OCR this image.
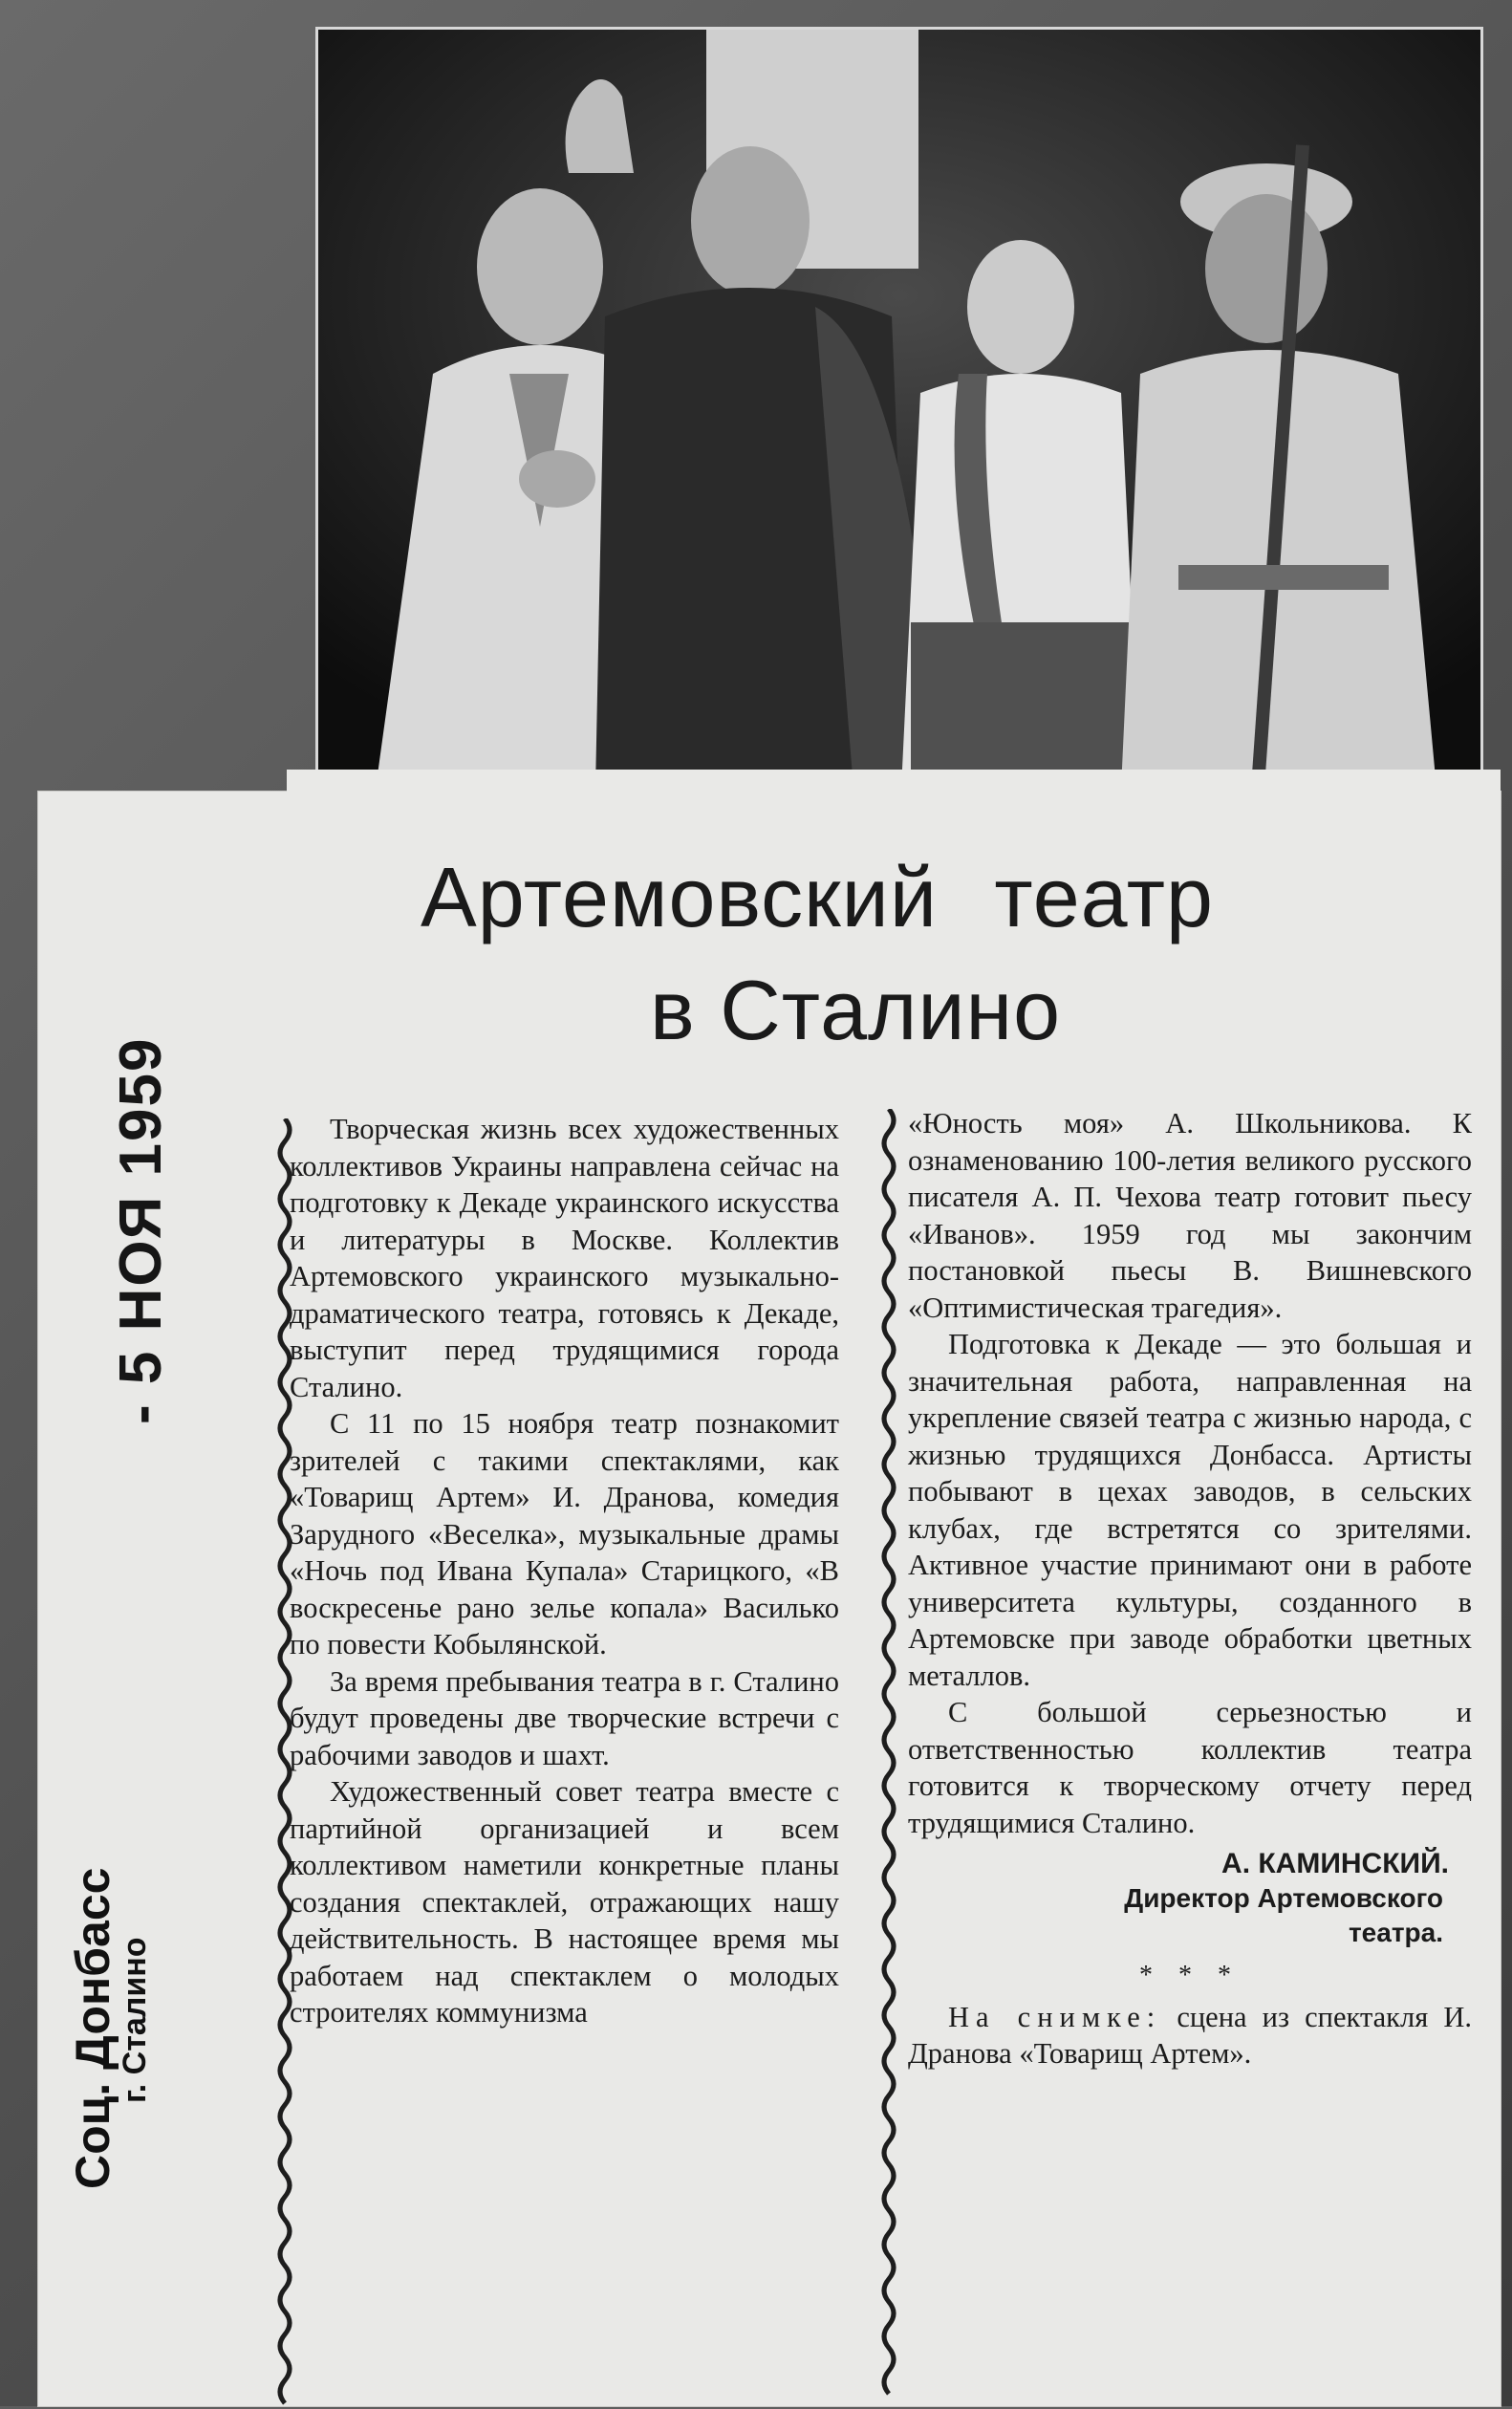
Артемовский театр
в Сталино

Творческая жизнь всех художественных коллективов Украины направлена сейчас на подготовку к Декаде украинского искусства и литературы в Москве. Коллектив Артемовского украинского музыкально-драматического театра, готовясь к Декаде, выступит перед трудящимися города Сталино.

С 11 по 15 ноября театр познакомит зрителей с такими спектаклями, как «Товарищ Артем» И. Дранова, комедия Зарудного «Веселка», музыкальные драмы «Ночь под Ивана Купала» Старицкого, «В воскресенье рано зелье копала» Василько по повести Кобылянской.

За время пребывания театра в г. Сталино будут проведены две творческие встречи с рабочими заводов и шахт.

Художественный совет театра вместе с партийной организацией и всем коллективом наметили конкретные планы создания спектаклей, отражающих нашу действительность. В настоящее время мы работаем над спектаклем о молодых строителях коммунизма

«Юность моя» А. Школьникова. К ознаменованию 100-летия великого русского писателя А. П. Чехова театр готовит пьесу «Иванов». 1959 год мы закончим постановкой пьесы В. Вишневского «Оптимистическая трагедия».

Подготовка к Декаде — это большая и значительная работа, направленная на укрепление связей театра с жизнью народа, с жизнью трудящихся Донбасса. Артисты побывают в цехах заводов, в сельских клубах, где встретятся со зрителями. Активное участие принимают они в работе университета культуры, созданного в Артемовске при заводе обработки цветных металлов.

С большой серьезностью и ответственностью коллектив театра готовится к творческому отчету перед трудящимися Сталино.

А. КАМИНСКИЙ.
Директор Артемовского
театра.
* * *

На снимке: сцена из спектакля И. Дранова «Товарищ Артем».

- 5 НОЯ 1959
Соц. Донбасс
г. Сталино
